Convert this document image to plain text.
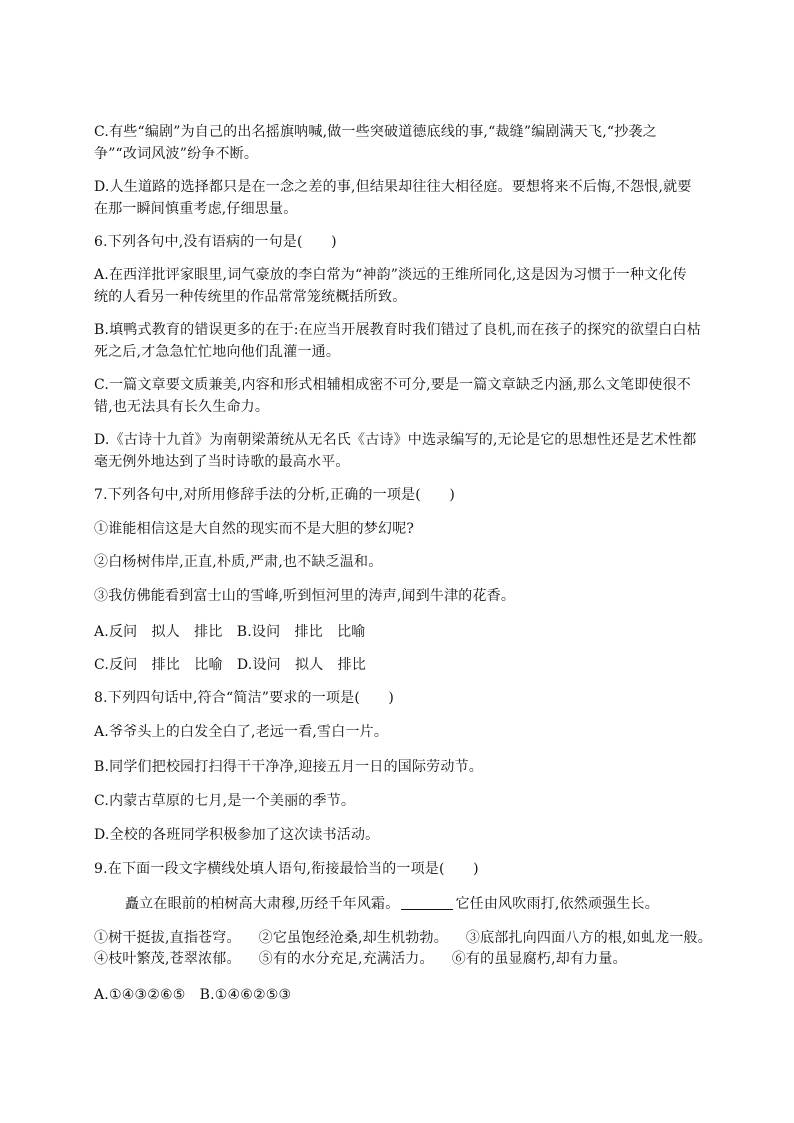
C.有些“编剧”为自己的出名摇旗呐喊,做一些突破道德底线的事,“裁缝”编剧满天飞,“抄袭之
争”“改词风波”纷争不断。
D.人生道路的选择都只是在一念之差的事,但结果却往往大相径庭。要想将来不后悔,不怨恨,就要
在那一瞬间慎重考虑,仔细思量。
6.下列各句中,没有语病的一句是(　　)
A.在西洋批评家眼里,词气豪放的李白常为“神韵”淡远的王维所同化,这是因为习惯于一种文化传
统的人看另一种传统里的作品常常笼统概括所致。
B.填鸭式教育的错误更多的在于:在应当开展教育时我们错过了良机,而在孩子的探究的欲望白白枯
死之后,才急急忙忙地向他们乱灌一通。
C.一篇文章要文质兼美,内容和形式相辅相成密不可分,要是一篇文章缺乏内涵,那么文笔即使很不
错,也无法具有长久生命力。
D.《古诗十九首》为南朝梁萧统从无名氏《古诗》中选录编写的,无论是它的思想性还是艺术性都
毫无例外地达到了当时诗歌的最高水平。
7.下列各句中,对所用修辞手法的分析,正确的一项是(　　)
①谁能相信这是大自然的现实而不是大胆的梦幻呢?
②白杨树伟岸,正直,朴质,严肃,也不缺乏温和。
③我仿佛能看到富士山的雪峰,听到恒河里的涛声,闻到牛津的花香。
A.反问　拟人　排比　B.设问　排比　比喻
C.反问　排比　比喻　D.设问　拟人　排比
8.下列四句话中,符合“简洁”要求的一项是(　　)
A.爷爷头上的白发全白了,老远一看,雪白一片。
B.同学们把校园打扫得干干净净,迎接五月一日的国际劳动节。
C.内蒙古草原的七月,是一个美丽的季节。
D.全校的各班同学积极参加了这次读书活动。
9.在下面一段文字横线处填人语句,衔接最恰当的一项是(　　)
矗立在眼前的柏树高大肃穆,历经千年风霜。	它任由风吹雨打,依然顽强生长。
①树干挺拔,直指苍穹。 ②它虽饱经沧桑,却生机勃勃。 ③底部扎向四面八方的根,如虬龙一般。
④枝叶繁茂,苍翠浓郁。 ⑤有的水分充足,充满活力。 ⑥有的虽显腐朽,却有力量。
A.①④③②⑥⑤　B.①④⑥②⑤③
